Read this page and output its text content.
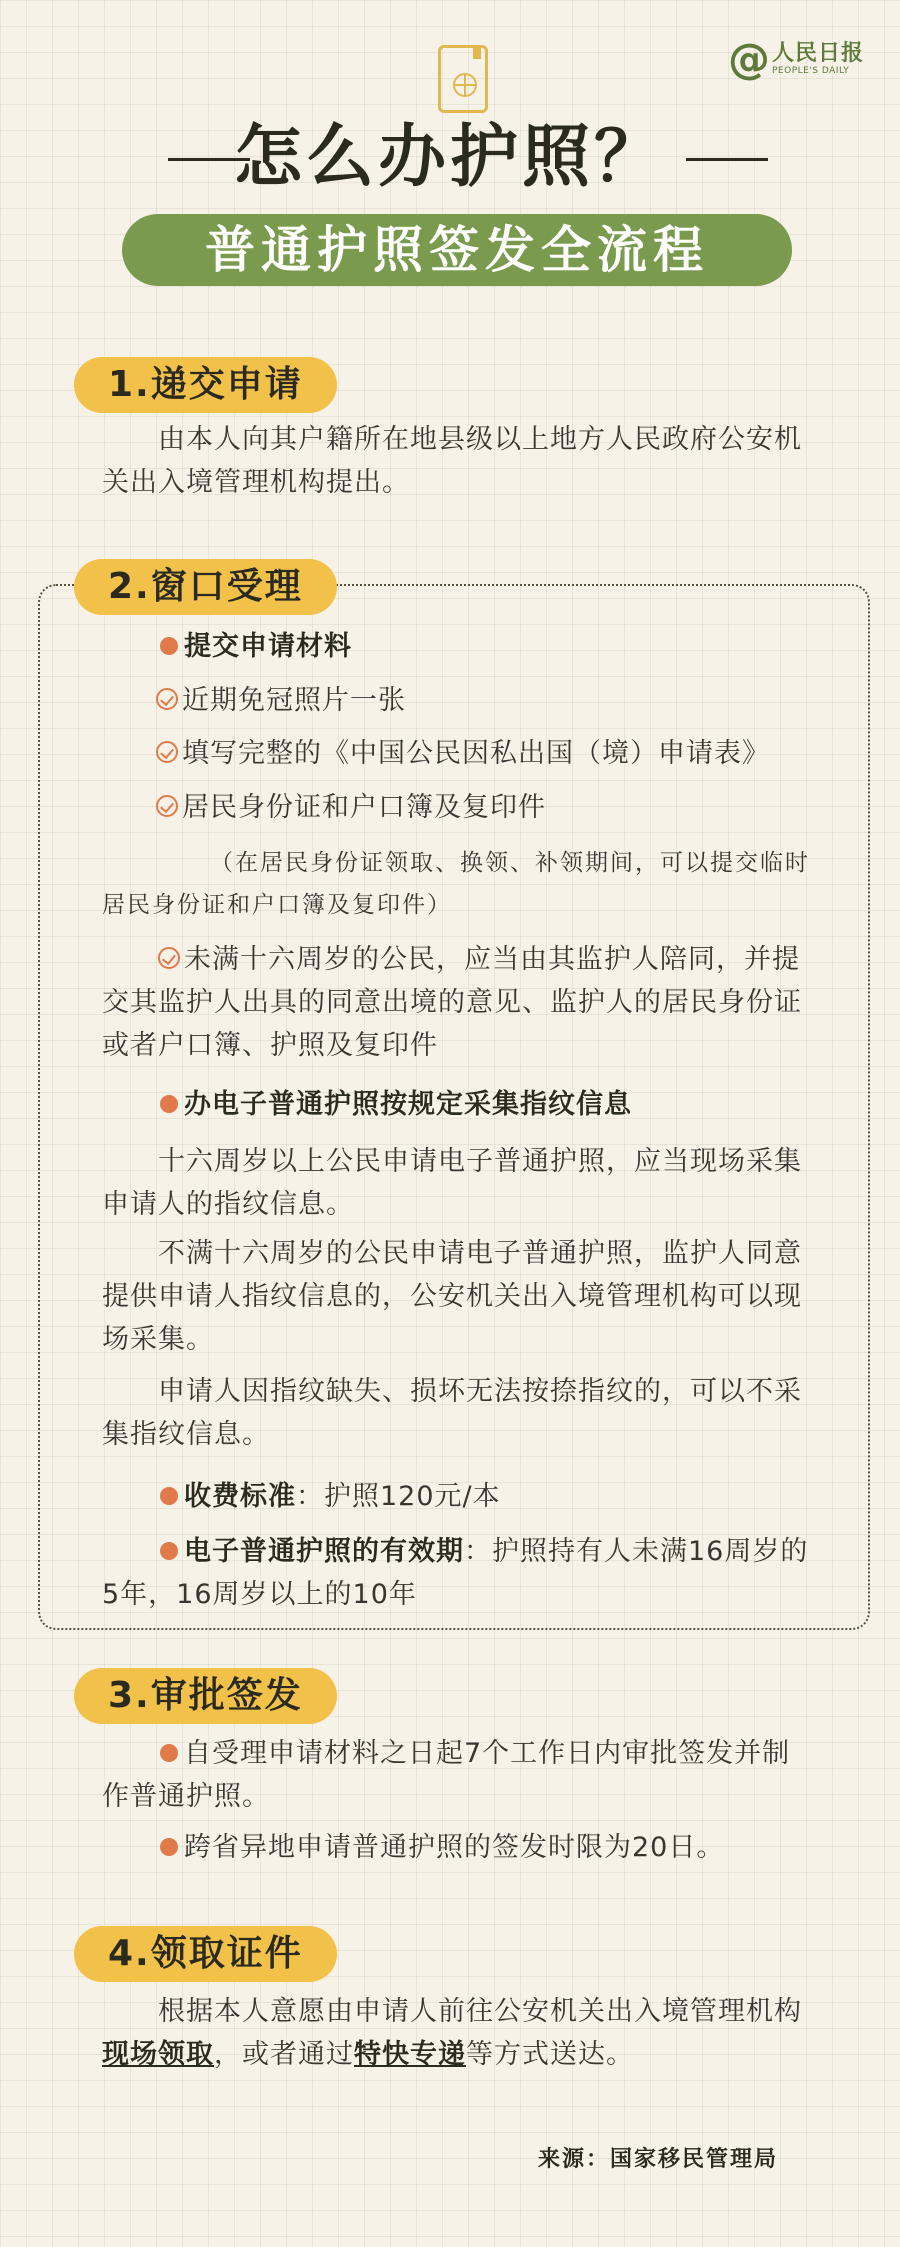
@ 人民日报
PEOPLE'S DAILY
怎么办护照？
普通护照签发全流程
1.递交申请
由本人向其户籍所在地县级以上地方人民政府公安机关出入境管理机构提出。
2.窗口受理
提交申请材料
近期免冠照片一张
填写完整的《中国公民因私出国（境）申请表》
居民身份证和户口簿及复印件
（在居民身份证领取、换领、补领期间，可以提交临时居民身份证和户口簿及复印件）
未满十六周岁的公民，应当由其监护人陪同，并提交其监护人出具的同意出境的意见、监护人的居民身份证或者户口簿、护照及复印件
办电子普通护照按规定采集指纹信息
十六周岁以上公民申请电子普通护照，应当现场采集申请人的指纹信息。
不满十六周岁的公民申请电子普通护照，监护人同意提供申请人指纹信息的，公安机关出入境管理机构可以现场采集。
申请人因指纹缺失、损坏无法按捺指纹的，可以不采集指纹信息。
收费标准：护照120元/本
电子普通护照的有效期：护照持有人未满16周岁的5年，16周岁以上的10年
3.审批签发
自受理申请材料之日起7个工作日内审批签发并制作普通护照。
跨省异地申请普通护照的签发时限为20日。
4.领取证件
根据本人意愿由申请人前往公安机关出入境管理机构现场领取，或者通过特快专递等方式送达。
来源：国家移民管理局
